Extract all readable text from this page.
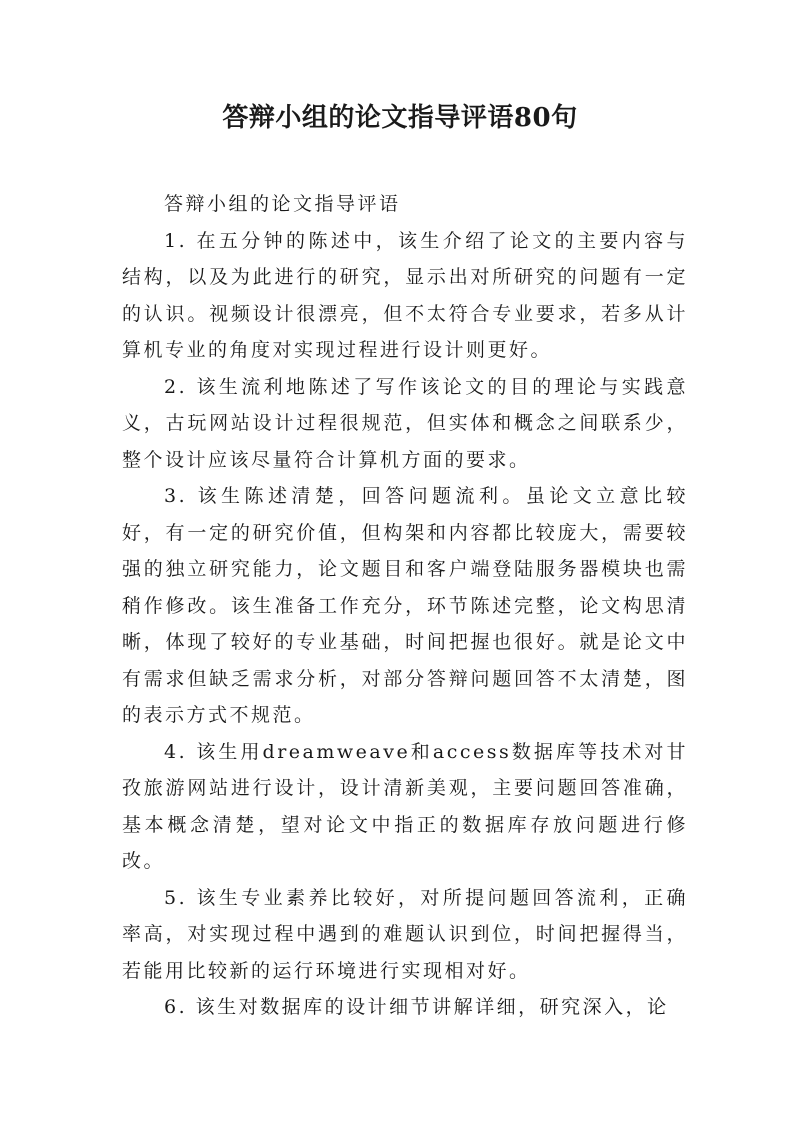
答辩小组的论文指导评语80句

答辩小组的论文指导评语

1. 在五分钟的陈述中，该生介绍了论文的主要内容与结构，以及为此进行的研究，显示出对所研究的问题有一定的认识。视频设计很漂亮，但不太符合专业要求，若多从计算机专业的角度对实现过程进行设计则更好。

2. 该生流利地陈述了写作该论文的目的理论与实践意义，古玩网站设计过程很规范，但实体和概念之间联系少，整个设计应该尽量符合计算机方面的要求。

3. 该生陈述清楚，回答问题流利。虽论文立意比较好，有一定的研究价值，但构架和内容都比较庞大，需要较强的独立研究能力，论文题目和客户端登陆服务器模块也需稍作修改。该生准备工作充分，环节陈述完整，论文构思清晰，体现了较好的专业基础，时间把握也很好。就是论文中有需求但缺乏需求分析，对部分答辩问题回答不太清楚，图的表示方式不规范。

4. 该生用dreamweave和access数据库等技术对甘孜旅游网站进行设计，设计清新美观，主要问题回答准确，基本概念清楚，望对论文中指正的数据库存放问题进行修改。

5. 该生专业素养比较好，对所提问题回答流利，正确率高，对实现过程中遇到的难题认识到位，时间把握得当，若能用比较新的运行环境进行实现相对好。

6. 该生对数据库的设计细节讲解详细，研究深入，论
